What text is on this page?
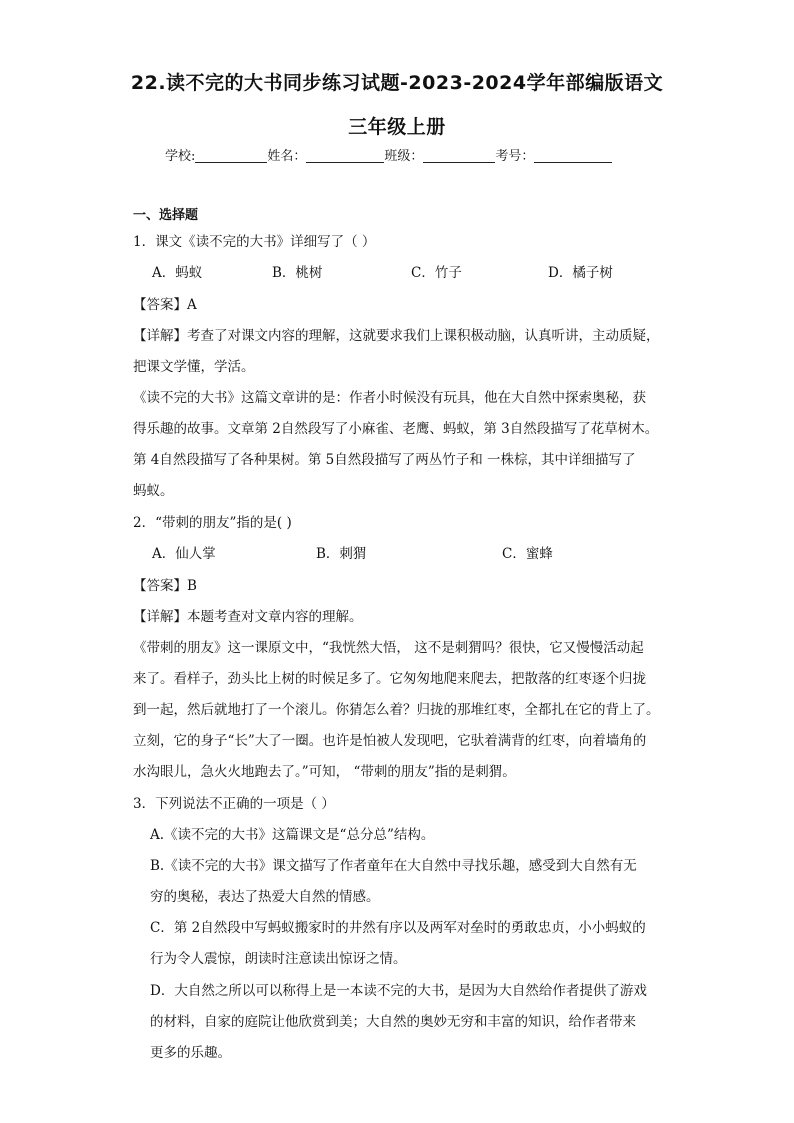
22.读不完的大书同步练习试题-2023-2024学年部编版语文
三年级上册
学校:	姓名：	班级：	考号：
一、选择题
1．课文《读不完的大书》详细写了（ ）
A．蚂蚁	B．桃树	C．竹子	D．橘子树
【答案】A
【详解】考查了对课文内容的理解，这就要求我们上课积极动脑，认真听讲，主动质疑，
把课文学懂，学活。
《读不完的大书》这篇文章讲的是：作者小时候没有玩具，他在大自然中探索奥秘，获
得乐趣的故事。文章第 2自然段写了小麻雀、老鹰、蚂蚁，第 3自然段描写了花草树木。
第 4自然段描写了各种果树。第 5自然段描写了两丛竹子和 一株棕，其中详细描写了
蚂蚁。
2．“带刺的朋友”指的是( )
A．仙人掌	B．刺猬	C．蜜蜂
【答案】B
【详解】本题考查对文章内容的理解。
《带刺的朋友》这一课原文中，“我恍然大悟， 这不是刺猬吗？很快，它又慢慢活动起
来了。看样子，劲头比上树的时候足多了。它匆匆地爬来爬去，把散落的红枣逐个归拢
到一起，然后就地打了一个滚儿。你猜怎么着？归拢的那堆红枣，全都扎在它的背上了。
立刻，它的身子“长”大了一圈。也许是怕被人发现吧，它驮着满背的红枣，向着墙角的
水沟眼儿，急火火地跑去了。”可知， “带刺的朋友”指的是刺猬。
3．下列说法不正确的一项是（ ）
A.《读不完的大书》这篇课文是“总分总”结构。
B.《读不完的大书》课文描写了作者童年在大自然中寻找乐趣，感受到大自然有无
穷的奥秘，表达了热爱大自然的情感。
C．第 2自然段中写蚂蚁搬家时的井然有序以及两军对垒时的勇敢忠贞，小小蚂蚁的
行为令人震惊，朗读时注意读出惊讶之情。
D．大自然之所以可以称得上是一本读不完的大书，是因为大自然给作者提供了游戏
的材料，自家的庭院让他欣赏到美；大自然的奥妙无穷和丰富的知识，给作者带来
更多的乐趣。
